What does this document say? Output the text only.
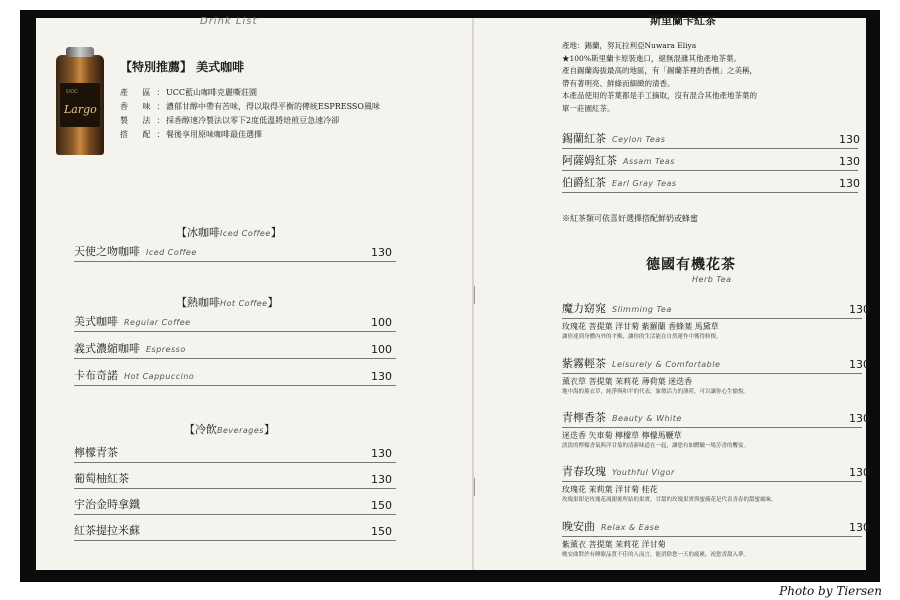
Drink List
UCC
Largo
【特別推薦】 美式咖啡
產 區：
UCC藍山咖啡克麗嘶莊園
香 味：
濃郁甘醇中帶有苦味，得以取得平衡的傳統ESPRESSO風味
製 法：
採香醇速冷製法以零下2度低溫將焙煎豆急速冷卻
搭 配：
餐後享用原味咖啡最佳選擇
【冰咖啡Iced Coffee】
天使之吻咖啡 Iced Coffee	130
【熱咖啡Hot Coffee】
美式咖啡 Regular Coffee	100
義式濃縮咖啡 Espresso	100
卡布奇諾 Hot Cappuccino	130
【冷飲Beverages】
檸檬青茶	130
葡萄柚紅茶	130
宇治金時拿鐵	150
紅茶提拉米蘇	150
斯里蘭卡紅茶
產地：錫蘭，努瓦拉利亞Nuwara Eliya
★100%斯里蘭卡原裝進口，絕無混雜其他產地茶葉。
產自錫蘭海拔最高的地區，有「錫蘭茶裡的香檳」之美稱，
帶有著明亮、鮮綠而細緻的清香。
本產品使用的茶葉都是手工摘取，沒有混合其他產地茶葉的
單一莊園紅茶。
錫蘭紅茶 Ceylon Teas	130
阿薩姆紅茶 Assam Teas	130
伯爵紅茶 Earl Gray Teas	130
※紅茶類可依喜好選擇搭配鮮奶或蜂蜜
德國有機花茶
Herb Tea
魔力窈窕 Slimming Tea	130
玫瑰花 菩提葉 洋甘菊 紫羅蘭 香蜂葉 馬黛草
讓你達到身體內外的平衡，讓你的生活能在自然運作中獲得修復。
紫霧輕茶 Leisurely & Comfortable	130
薰衣草 菩提葉 茉莉花 薄荷葉 迷迭香
地中海的薰衣草，純淨與和平的代表，象徵活力的薄荷，可以讓你心生愉悅。
青檸香茶 Beauty & White	130
迷迭香 矢車菊 檸檬草 檸檬馬鞭草
淡淡的檸檬香氣與洋甘菊的清新味道在一起，讓您有如體驗一場芳香的饗宴。
青春玫瑰 Youthful Vigor	130
玫瑰花 茉莉葉 洋甘菊 桂花
玫瑰果即是玫瑰花凋謝後所結的果實，甘甜的玫瑰果實與蜜蘋花是代表青春的甜蜜風味。
晚安曲 Relax & Ease	130
紫薰衣 菩提葉 茉莉花 洋甘菊
晚安曲對於有睡眠品質不佳的人而言，能消除您一天的疲累，祝您香甜入夢。
Photo by Tiersen
